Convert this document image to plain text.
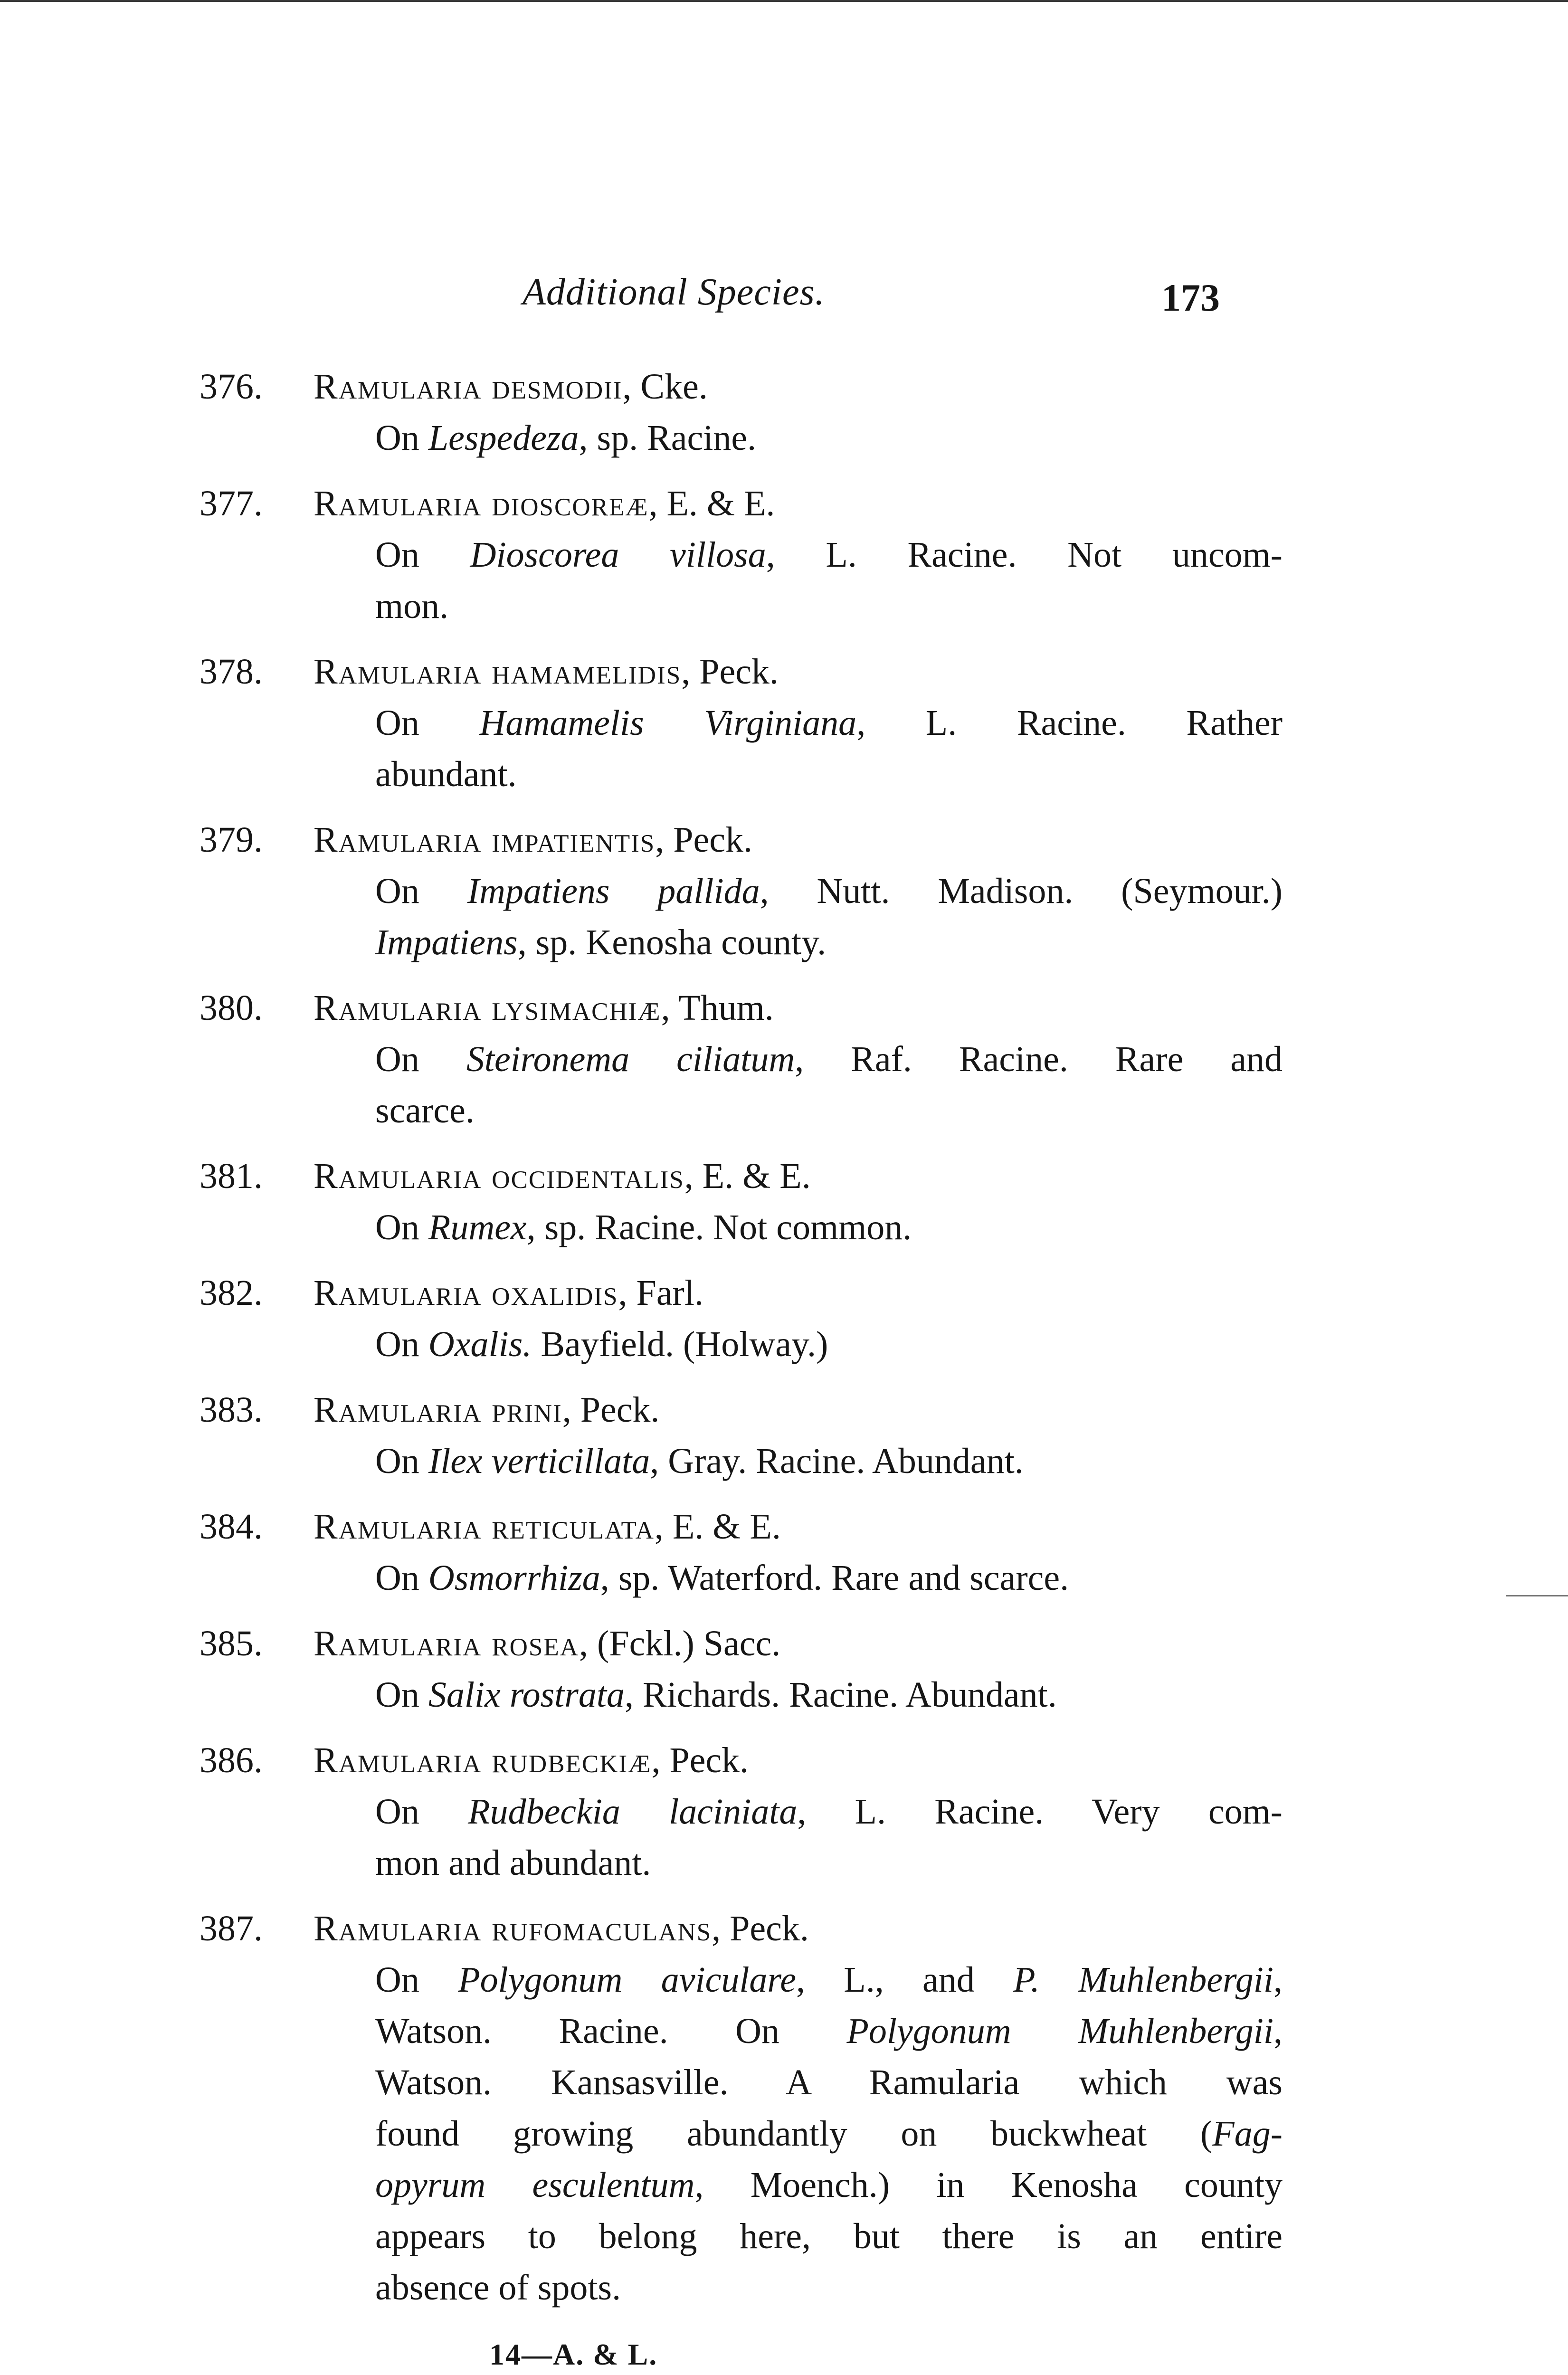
Additional Species.	173
376.	Ramularia desmodii, Cke.
On Lespedeza, sp. Racine.
377.	Ramularia dioscoreæ, E. & E.
On Dioscorea villosa, L. Racine. Not uncom-
mon.
378.	Ramularia hamamelidis, Peck.
On Hamamelis Virginiana, L. Racine. Rather
abundant.
379.	Ramularia impatientis, Peck.
On Impatiens pallida, Nutt. Madison. (Seymour.)
Impatiens, sp. Kenosha county.
380.	Ramularia lysimachiæ, Thum.
On Steironema ciliatum, Raf. Racine. Rare and
scarce.
381.	Ramularia occidentalis, E. & E.
On Rumex, sp. Racine. Not common.
382.	Ramularia oxalidis, Farl.
On Oxalis. Bayfield. (Holway.)
383.	Ramularia prini, Peck.
On Ilex verticillata, Gray. Racine. Abundant.
384.	Ramularia reticulata, E. & E.
On Osmorrhiza, sp. Waterford. Rare and scarce.
385.	Ramularia rosea, (Fckl.) Sacc.
On Salix rostrata, Richards. Racine. Abundant.
386.	Ramularia rudbeckiæ, Peck.
On Rudbeckia laciniata, L. Racine. Very com-
mon and abundant.
387.	Ramularia rufomaculans, Peck.
On Polygonum aviculare, L., and P. Muhlenbergii,
Watson. Racine. On Polygonum Muhlenbergii,
Watson. Kansasville. A Ramularia which was
found growing abundantly on buckwheat (Fag-
opyrum esculentum, Moench.) in Kenosha county
appears to belong here, but there is an entire
absence of spots.
14—A. & L.
